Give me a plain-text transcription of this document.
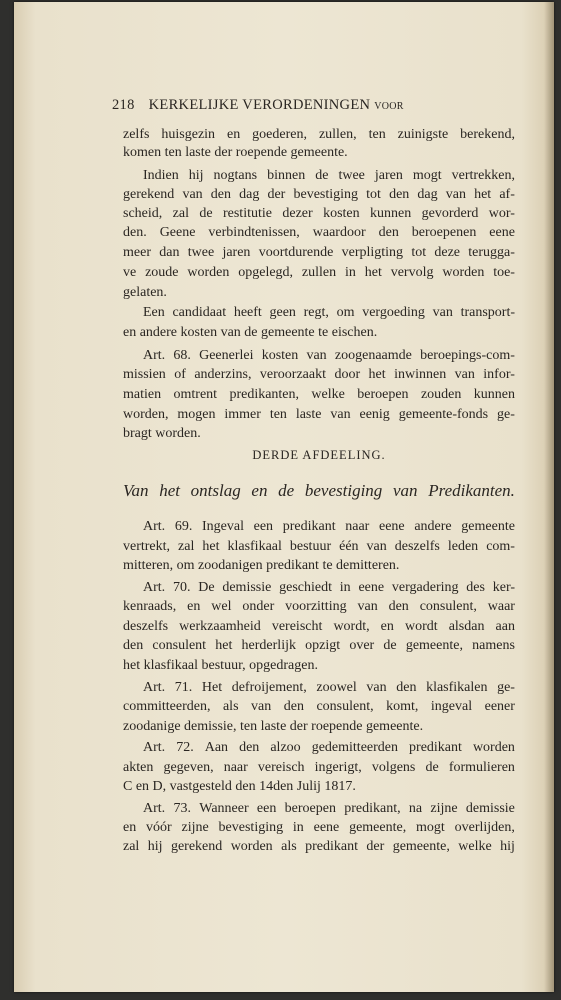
218 KERKELIJKE VERORDENINGEN voor
zelfs huisgezin en goederen, zullen, ten zuinigste berekend,
komen ten laste der roepende gemeente.
Indien hij nogtans binnen de twee jaren mogt vertrekken,
gerekend van den dag der bevestiging tot den dag van het af-
scheid, zal de restitutie dezer kosten kunnen gevorderd wor-
den. Geene verbindtenissen, waardoor den beroepenen eene
meer dan twee jaren voortdurende verpligting tot deze terugga-
ve zoude worden opgelegd, zullen in het vervolg worden toe-
gelaten.
Een candidaat heeft geen regt, om vergoeding van transport-
en andere kosten van de gemeente te eischen.
Art. 68. Geenerlei kosten van zoogenaamde beroepings-com-
missien of anderzins, veroorzaakt door het inwinnen van infor-
matien omtrent predikanten, welke beroepen zouden kunnen
worden, mogen immer ten laste van eenig gemeente-fonds ge-
bragt worden.
DERDE AFDEELING.
Van het ontslag en de bevestiging van Predikanten.
Art. 69. Ingeval een predikant naar eene andere gemeente
vertrekt, zal het klasfikaal bestuur één van deszelfs leden com-
mitteren, om zoodanigen predikant te demitteren.
Art. 70. De demissie geschiedt in eene vergadering des ker-
kenraads, en wel onder voorzitting van den consulent, waar
deszelfs werkzaamheid vereischt wordt, en wordt alsdan aan
den consulent het herderlijk opzigt over de gemeente, namens
het klasfikaal bestuur, opgedragen.
Art. 71. Het defroijement, zoowel van den klasfikalen ge-
committeerden, als van den consulent, komt, ingeval eener
zoodanige demissie, ten laste der roepende gemeente.
Art. 72. Aan den alzoo gedemitteerden predikant worden
akten gegeven, naar vereisch ingerigt, volgens de formulieren
C en D, vastgesteld den 14den Julij 1817.
Art. 73. Wanneer een beroepen predikant, na zijne demissie
en vóór zijne bevestiging in eene gemeente, mogt overlijden,
zal hij gerekend worden als predikant der gemeente, welke hij
